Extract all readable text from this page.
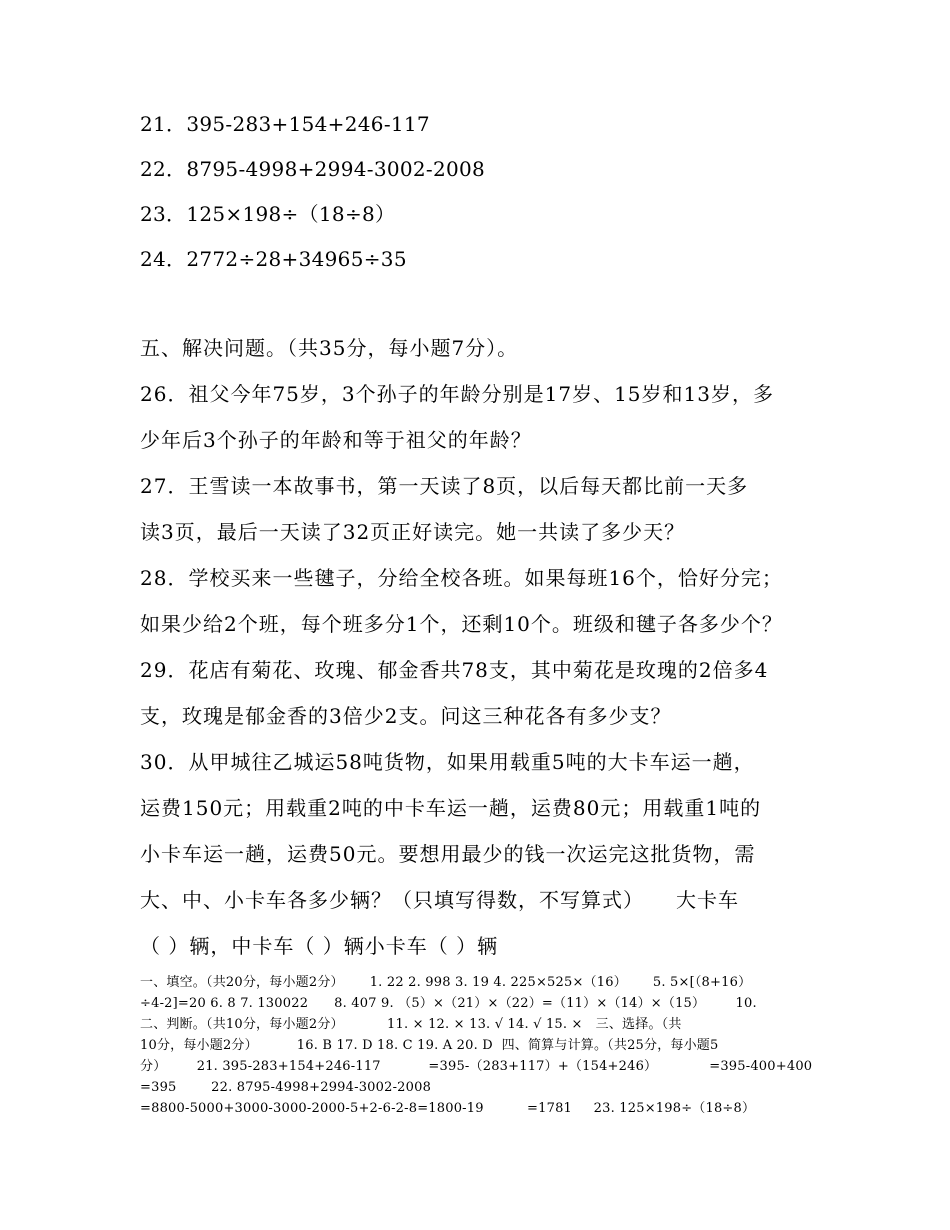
21．395-283+154+246-117
22．8795-4998+2994-3002-2008
23．125×198÷（18÷8）
24．2772÷28+34965÷35

五、解决问题。（共35分，每小题7分）。

26．祖父今年75岁，3个孙子的年龄分别是17岁、15岁和13岁，多

少年后3个孙子的年龄和等于祖父的年龄？

27．王雪读一本故事书，第一天读了8页，以后每天都比前一天多

读3页，最后一天读了32页正好读完。她一共读了多少天？

28．学校买来一些毽子，分给全校各班。如果每班16个，恰好分完；

如果少给2个班，每个班多分1个，还剩10个。班级和毽子各多少个？

29．花店有菊花、玫瑰、郁金香共78支，其中菊花是玫瑰的2倍多4

支，玫瑰是郁金香的3倍少2支。问这三种花各有多少支？

30．从甲城往乙城运58吨货物，如果用载重5吨的大卡车运一趟，

运费150元；用载重2吨的中卡车运一趟，运费80元；用载重1吨的

小卡车运一趟，运费50元。要想用最少的钱一次运完这批货物，需

大、中、小卡车各多少辆？（只填写得数，不写算式）　　大卡车

（ ）辆，中卡车（ ）辆小卡车（ ）辆

一、填空。（共20分，每小题2分）      1. 22 2. 998 3. 19 4. 225×525×（16）      5. 5×[（8+16）

÷4-2]=20 6. 8 7. 130022      8. 407 9. （5）×（21）×（22）=（11）×（14）×（15）       10.

二、判断。（共10分，每小题2分）          11. × 12. × 13. √ 14. √ 15. ×   三、选择。（共

10分，每小题2分）         16. B 17. D 18. C 19. A 20. D  四、简算与计算。（共25分，每小题5

分）       21. 395-283+154+246-117           =395-（283+117）+（154+246）            =395-400+400

=395        22. 8795-4998+2994-3002-2008

=8800-5000+3000-3000-2000-5+2-6-2-8=1800-19          =1781     23. 125×198÷（18÷8）
